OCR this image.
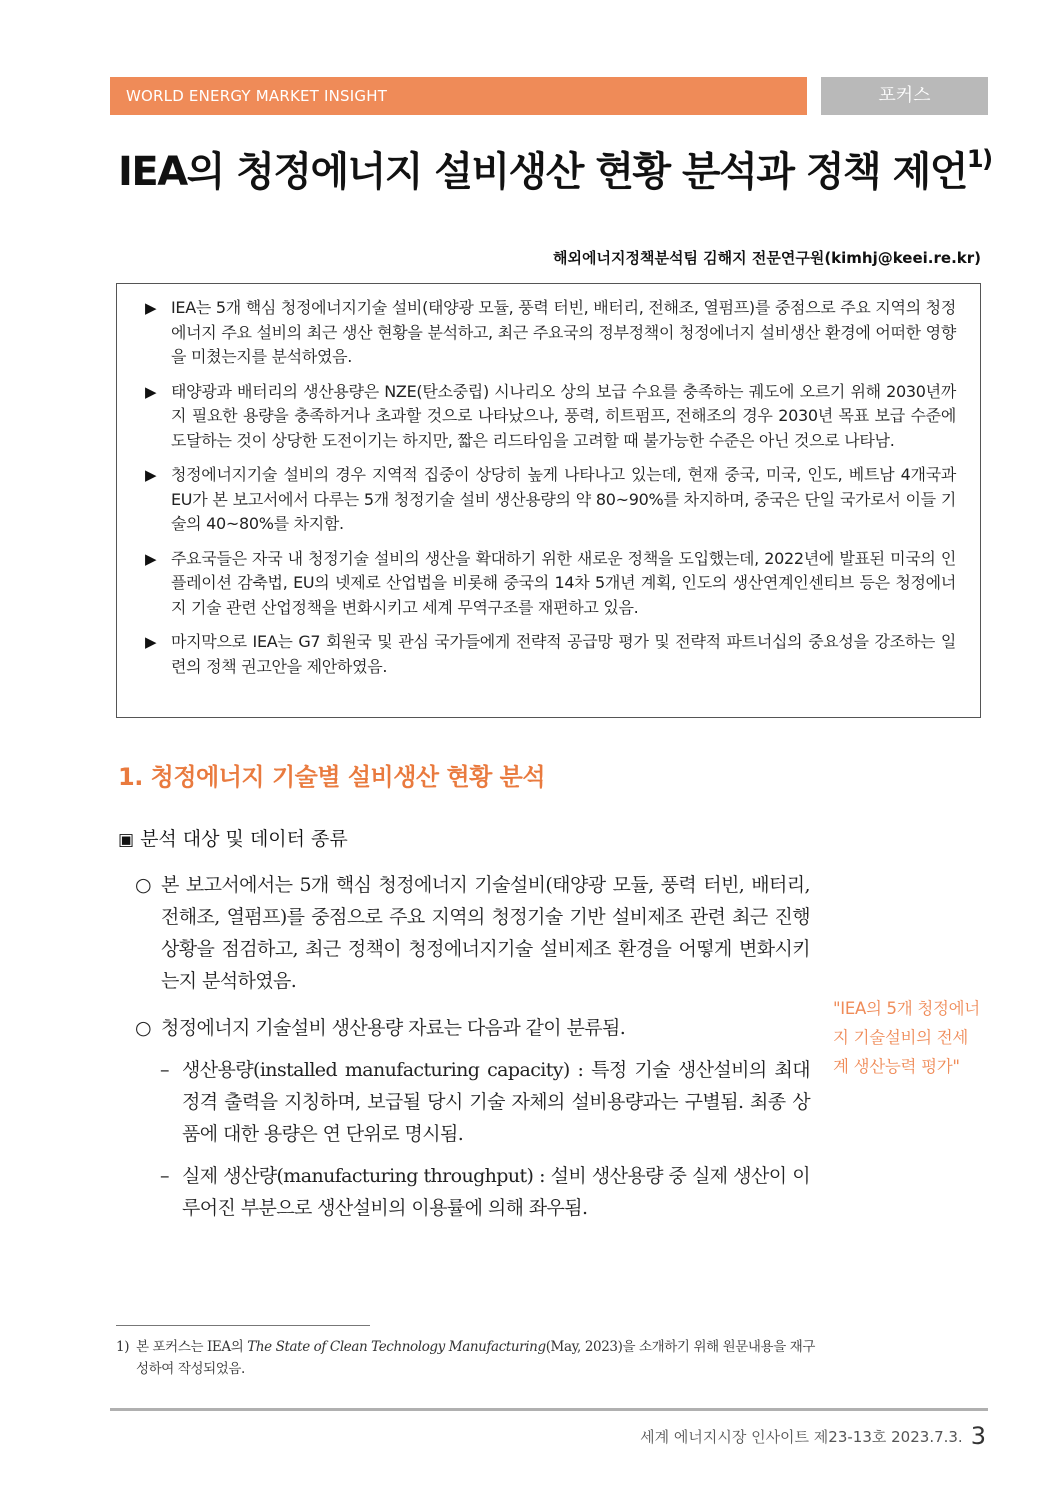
WORLD ENERGY MARKET INSIGHT	포커스
IEA의 청정에너지 설비생산 현황 분석과 정책 제언$^{1)}$
해외에너지정책분석팀 김해지 전문연구원(kimhj@keei.re.kr)
▶ IEA는 5개 핵심 청정에너지기술 설비(태양광 모듈, 풍력 터빈, 배터리, 전해조, 열펌프)를 중점으로 주요 지역의 청정에너지 주요 설비의 최근 생산 현황을 분석하고, 최근 주요국의 정부정책이 청정에너지 설비생산 환경에 어떠한 영향을 미쳤는지를 분석하였음.
▶ 태양광과 배터리의 생산용량은 NZE(탄소중립) 시나리오 상의 보급 수요를 충족하는 궤도에 오르기 위해 2030년까지 필요한 용량을 충족하거나 초과할 것으로 나타났으나, 풍력, 히트펌프, 전해조의 경우 2030년 목표 보급 수준에 도달하는 것이 상당한 도전이기는 하지만, 짧은 리드타임을 고려할 때 불가능한 수준은 아닌 것으로 나타남.
▶ 청정에너지기술 설비의 경우 지역적 집중이 상당히 높게 나타나고 있는데, 현재 중국, 미국, 인도, 베트남 4개국과 EU가 본 보고서에서 다루는 5개 청정기술 설비 생산용량의 약 80~90%를 차지하며, 중국은 단일 국가로서 이들 기술의 40~80%를 차지함.
▶ 주요국들은 자국 내 청정기술 설비의 생산을 확대하기 위한 새로운 정책을 도입했는데, 2022년에 발표된 미국의 인플레이션 감축법, EU의 넷제로 산업법을 비롯해 중국의 14차 5개년 계획, 인도의 생산연계인센티브 등은 청정에너지 기술 관련 산업정책을 변화시키고 세계 무역구조를 재편하고 있음.
▶ 마지막으로 IEA는 G7 회원국 및 관심 국가들에게 전략적 공급망 평가 및 전략적 파트너십의 중요성을 강조하는 일련의 정책 권고안을 제안하였음.
1. 청정에너지 기술별 설비생산 현황 분석
▣ 분석 대상 및 데이터 종류
○ 본 보고서에서는 5개 핵심 청정에너지 기술설비(태양광 모듈, 풍력 터빈, 배터리, 전해조, 열펌프)를 중점으로 주요 지역의 청정기술 기반 설비제조 관련 최근 진행 상황을 점검하고, 최근 정책이 청정에너지기술 설비제조 환경을 어떻게 변화시키는지 분석하였음.
○ 청정에너지 기술설비 생산용량 자료는 다음과 같이 분류됨.
– 생산용량(installed manufacturing capacity) : 특정 기술 생산설비의 최대 정격 출력을 지칭하며, 보급될 당시 기술 자체의 설비용량과는 구별됨. 최종 상품에 대한 용량은 연 단위로 명시됨.
– 실제 생산량(manufacturing throughput) : 설비 생산용량 중 실제 생산이 이루어진 부분으로 생산설비의 이용률에 의해 좌우됨.
"IEA의 5개 청정에너지 기술설비의 전세계 생산능력 평가"
1) 본 포커스는 IEA의 The State of Clean Technology Manufacturing(May, 2023)을 소개하기 위해 원문내용을 재구성하여 작성되었음.
세계 에너지시장 인사이트 제23-13호 2023.7.3. 3
